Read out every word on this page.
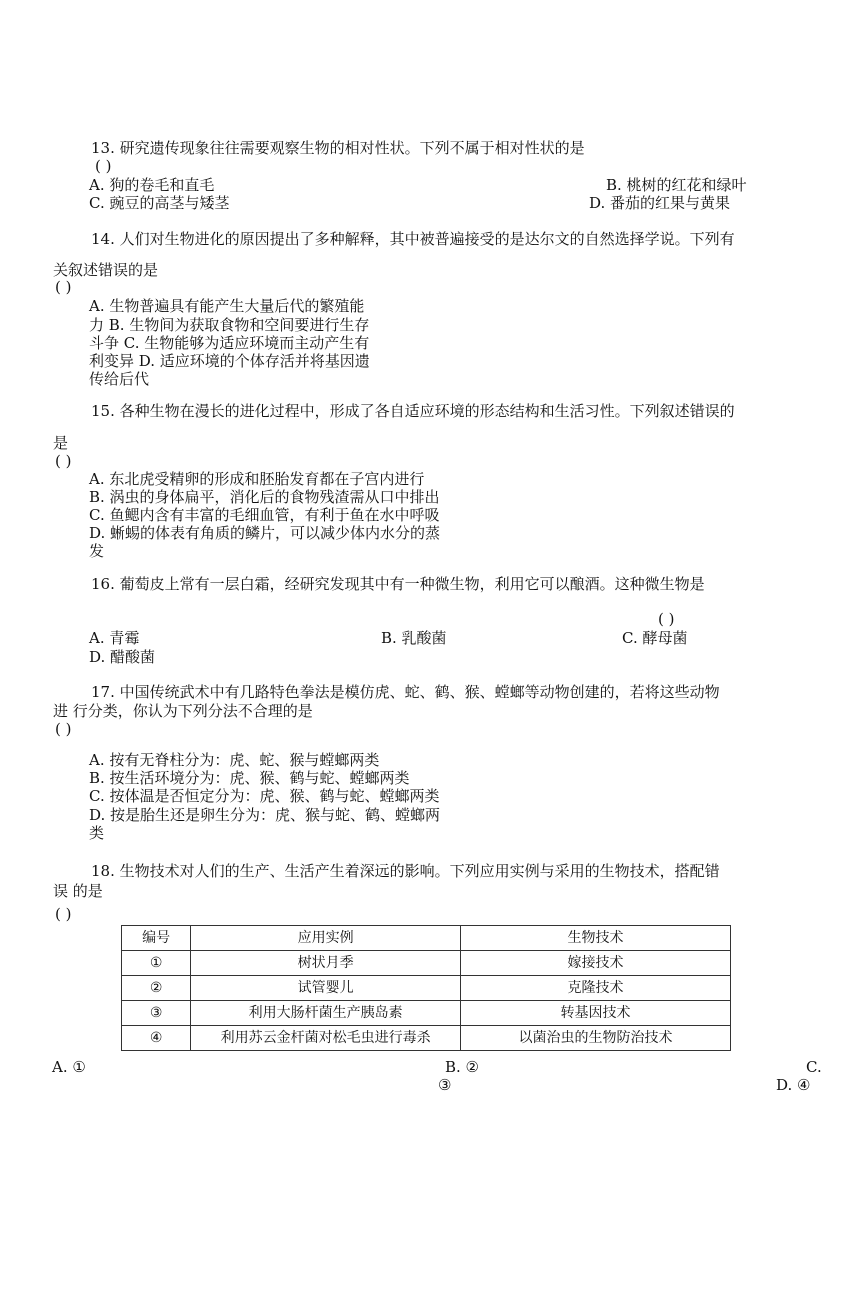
13. 研究遗传现象往往需要观察生物的相对性状。下列不属于相对性状的是
( )
A. 狗的卷毛和直毛	B. 桃树的红花和绿叶
C. 豌豆的高茎与矮茎	D. 番茄的红果与黄果
14. 人们对生物进化的原因提出了多种解释，其中被普遍接受的是达尔文的自然选择学说。下列有
关叙述错误的是
( )
A. 生物普遍具有能产生大量后代的繁殖能
力 B. 生物间为获取食物和空间要进行生存
斗争 C. 生物能够为适应环境而主动产生有
利变异 D. 适应环境的个体存活并将基因遗
传给后代
15. 各种生物在漫长的进化过程中，形成了各自适应环境的形态结构和生活习性。下列叙述错误的
是
( )
A. 东北虎受精卵的形成和胚胎发育都在子宫内进行
B. 涡虫的身体扁平，消化后的食物残渣需从口中排出
C. 鱼鳃内含有丰富的毛细血管，有利于鱼在水中呼吸
D. 蜥蜴的体表有角质的鳞片，可以减少体内水分的蒸
发
16. 葡萄皮上常有一层白霜，经研究发现其中有一种微生物，利用它可以酿酒。这种微生物是
( )
A. 青霉	B. 乳酸菌	C. 酵母菌
D. 醋酸菌
17. 中国传统武术中有几路特色拳法是模仿虎、蛇、鹤、猴、螳螂等动物创建的，若将这些动物
进 行分类，你认为下列分法不合理的是
( )
A. 按有无脊柱分为：虎、蛇、猴与螳螂两类
B. 按生活环境分为：虎、猴、鹤与蛇、螳螂两类
C. 按体温是否恒定分为：虎、猴、鹤与蛇、螳螂两类
D. 按是胎生还是卵生分为：虎、猴与蛇、鹤、螳螂两
类
18. 生物技术对人们的生产、生活产生着深远的影响。下列应用实例与采用的生物技术，搭配错
误 的是
( )
编号	应用实例	生物技术
①	树状月季	嫁接技术
②	试管婴儿	克隆技术
③	利用大肠杆菌生产胰岛素	转基因技术
④	利用苏云金杆菌对松毛虫进行毒杀	以菌治虫的生物防治技术
A. ①	B. ②
③
C.
D. ④
